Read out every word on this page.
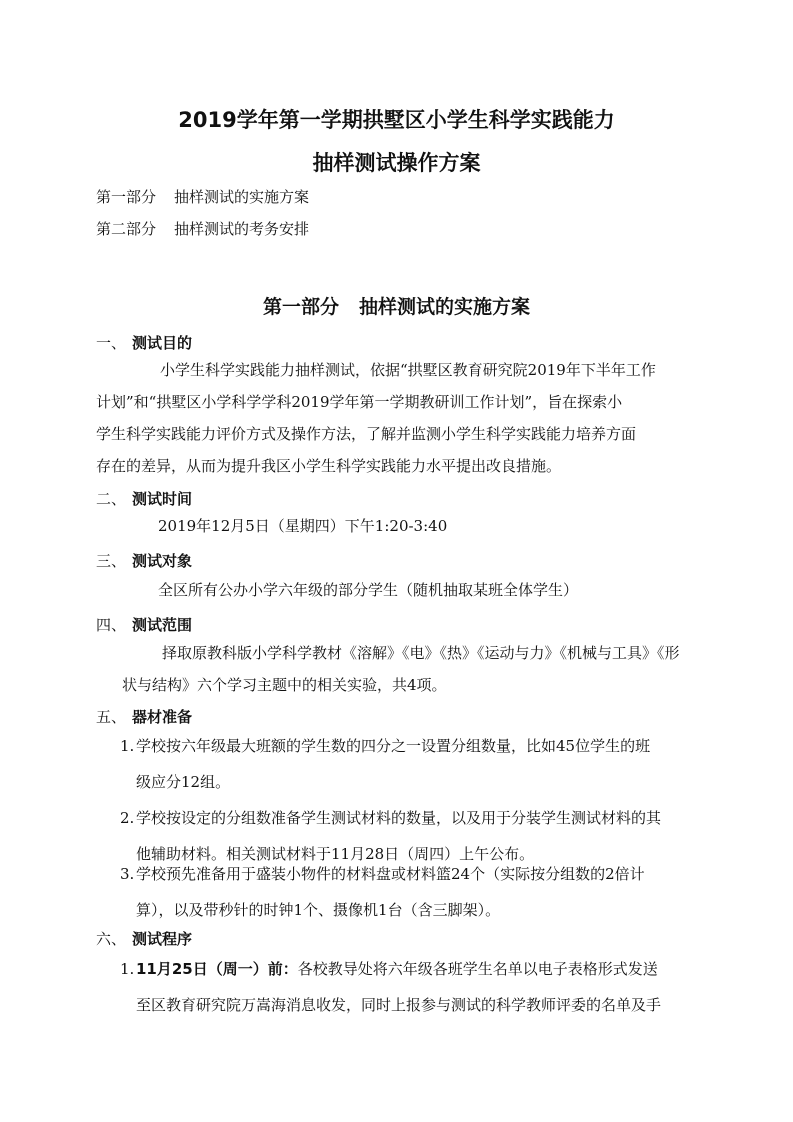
2019学年第一学期拱墅区小学生科学实践能力
抽样测试操作方案
第一部分 抽样测试的实施方案
第二部分 抽样测试的考务安排
第一部分 抽样测试的实施方案
一、 测试目的
小学生科学实践能力抽样测试，依据“拱墅区教育研究院2019年下半年工作
计划”和“拱墅区小学科学学科2019学年第一学期教研训工作计划”，旨在探索小
学生科学实践能力评价方式及操作方法，了解并监测小学生科学实践能力培养方面
存在的差异，从而为提升我区小学生科学实践能力水平提出改良措施。
二、 测试时间
2019年12月5日（星期四）下午1:20-3:40
三、 测试对象
全区所有公办小学六年级的部分学生（随机抽取某班全体学生）
四、 测试范围
择取原教科版小学科学教材《溶解》《电》《热》《运动与力》《机械与工具》《形
状与结构》六个学习主题中的相关实验，共4项。
五、 器材准备
1. 学校按六年级最大班额的学生数的四分之一设置分组数量，比如45位学生的班
级应分12组。
2. 学校按设定的分组数准备学生测试材料的数量，以及用于分装学生测试材料的其
他辅助材料。相关测试材料于11月28日（周四）上午公布。
3. 学校预先准备用于盛装小物件的材料盘或材料篮24个（实际按分组数的2倍计
算），以及带秒针的时钟1个、摄像机1台（含三脚架）。
六、 测试程序
1. 11月25日（周一）前：各校教导处将六年级各班学生名单以电子表格形式发送
至区教育研究院万嵩海消息收发，同时上报参与测试的科学教师评委的名单及手
